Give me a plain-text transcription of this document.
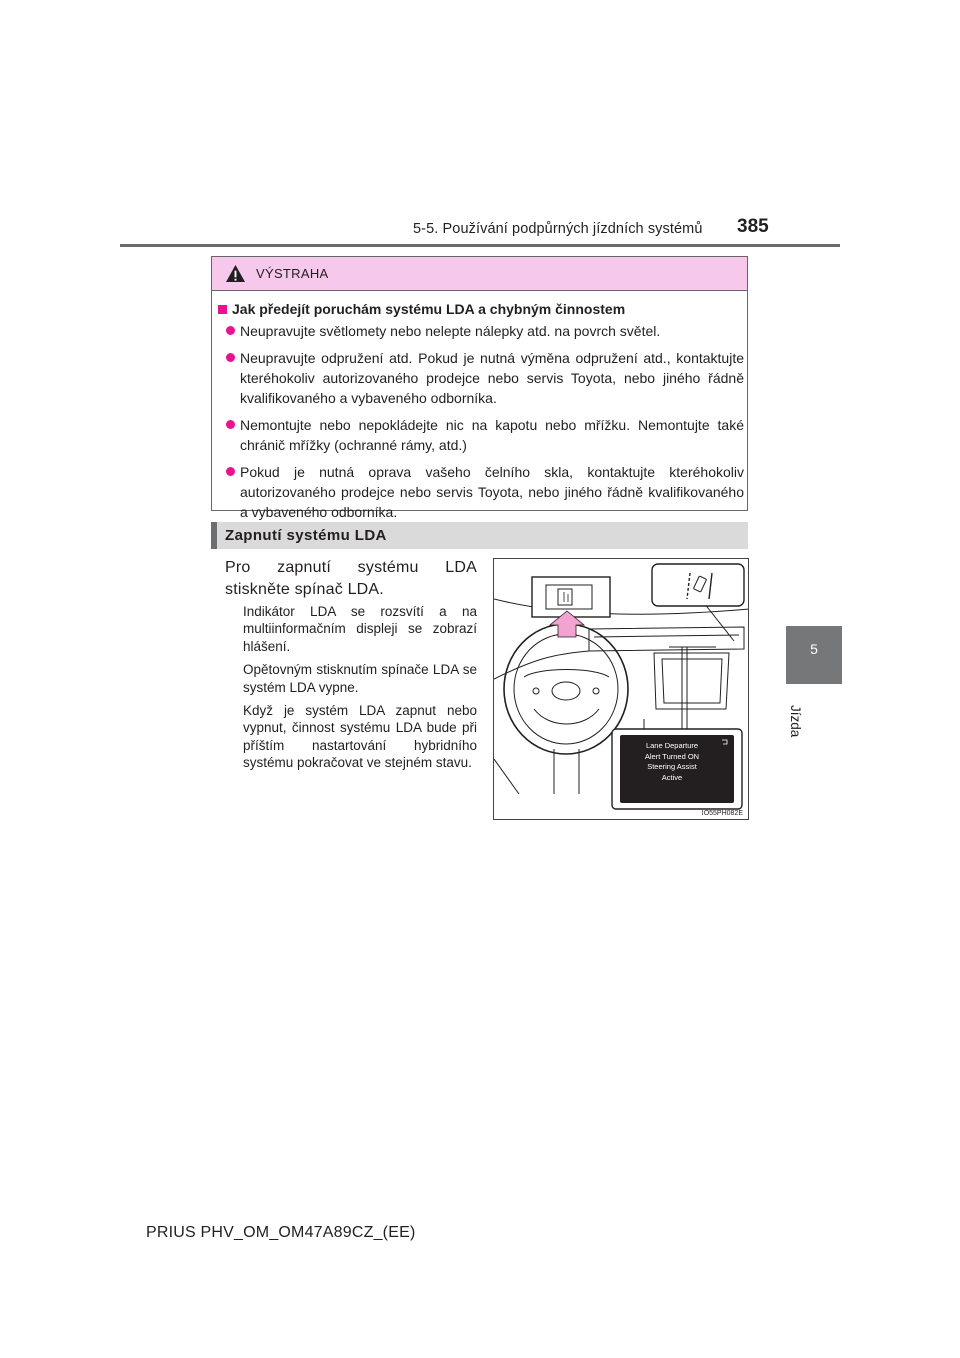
5-5. Používání podpůrných jízdních systémů 385
5
Jízda
VÝSTRAHA
Jak předejít poruchám systému LDA a chybným činnostem
Neupravujte světlomety nebo nelepte nálepky atd. na povrch světel.
Neupravujte odpružení atd. Pokud je nutná výměna odpružení atd., kontaktujte kteréhokoliv autorizovaného prodejce nebo servis Toyota, nebo jiného řádně kvalifikovaného a vybaveného odborníka.
Nemontujte nebo nepokládejte nic na kapotu nebo mřížku. Nemontujte také chránič mřížky (ochranné rámy, atd.)
Pokud je nutná oprava vašeho čelního skla, kontaktujte kteréhokoliv autorizovaného prodejce nebo servis Toyota, nebo jiného řádně kvalifikovaného a vybaveného odborníka.
Zapnutí systému LDA
Pro zapnutí systému LDA stiskněte spínač LDA.

Indikátor LDA se rozsvítí a na multiinformačním displeji se zobrazí hlášení.

Opětovným stisknutím spínače LDA se systém LDA vypne.

Když je systém LDA zapnut nebo vypnut, činnost systému LDA bude při příštím nastartování hybridního systému pokračovat ve stejném stavu.

Lane Departure
Alert Turned ON
Steering Assist
Active
IO55PH082E
PRIUS PHV_OM_OM47A89CZ_(EE)
